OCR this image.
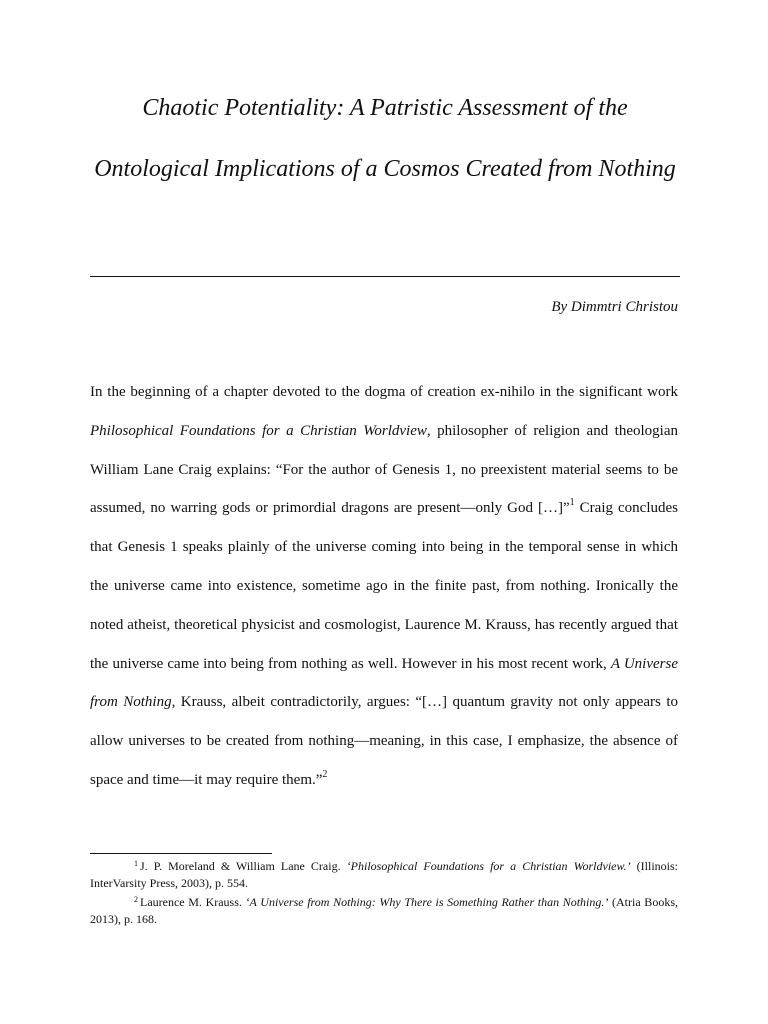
Chaotic Potentiality: A Patristic Assessment of the Ontological Implications of a Cosmos Created from Nothing
By Dimmtri Christou

In the beginning of a chapter devoted to the dogma of creation ex-nihilo in the significant work Philosophical Foundations for a Christian Worldview, philosopher of religion and theologian William Lane Craig explains: “For the author of Genesis 1, no preexistent material seems to be assumed, no warring gods or primordial dragons are present—only God […]”$^1$ Craig concludes that Genesis 1 speaks plainly of the universe coming into being in the temporal sense in which the universe came into existence, sometime ago in the finite past, from nothing. Ironically the noted atheist, theoretical physicist and cosmologist, Laurence M. Krauss, has recently argued that the universe came into being from nothing as well. However in his most recent work, A Universe from Nothing, Krauss, albeit contradictorily, argues: “[…] quantum gravity not only appears to allow universes to be created from nothing—meaning, in this case, I emphasize, the absence of space and time—it may require them.”$^2$

$^1$ J. P. Moreland & William Lane Craig. ‘Philosophical Foundations for a Christian Worldview.’ (Illinois: InterVarsity Press, 2003), p. 554.

$^2$ Laurence M. Krauss. ‘A Universe from Nothing: Why There is Something Rather than Nothing.’ (Atria Books, 2013), p. 168.
